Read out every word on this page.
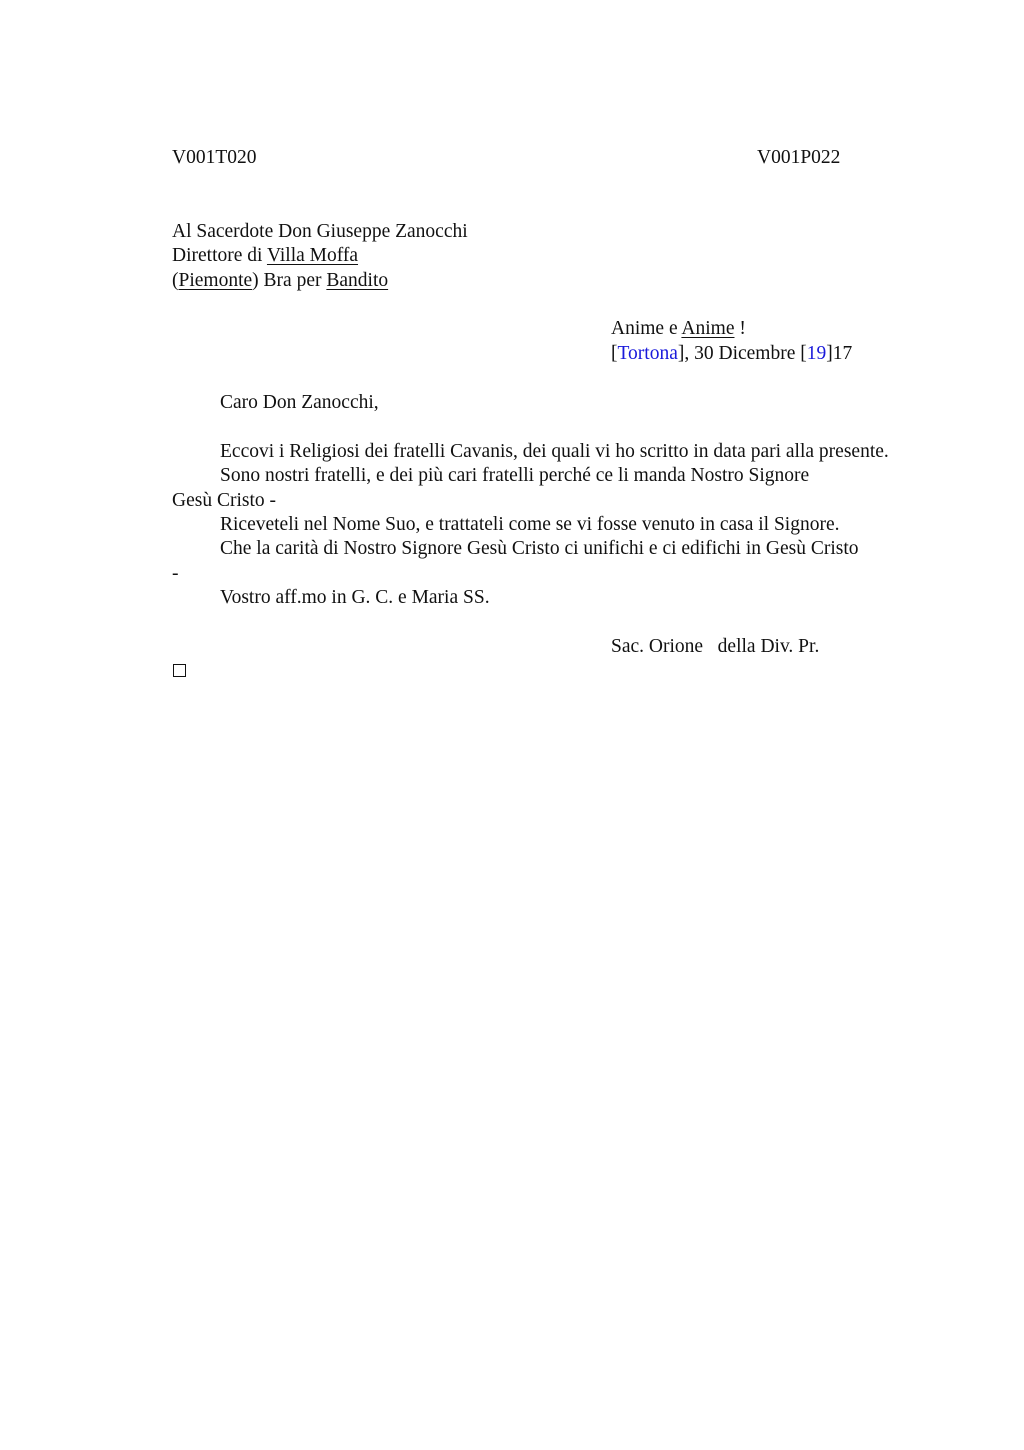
V001T020	V001P022
Al Sacerdote Don Giuseppe Zanocchi
Direttore di Villa Moffa
(Piemonte) Bra per Bandito
Anime e Anime !
[Tortona], 30 Dicembre [19]17
Caro Don Zanocchi,
Eccovi i Religiosi dei fratelli Cavanis, dei quali vi ho scritto in data pari alla presente.
Sono nostri fratelli, e dei più cari fratelli perché ce li manda Nostro Signore
Gesù Cristo -
Riceveteli nel Nome Suo, e trattateli come se vi fosse venuto in casa il Signore.
Che la carità di Nostro Signore Gesù Cristo ci unifichi e ci edifichi in Gesù Cristo
-
Vostro aff.mo in G. C. e Maria SS.
Sac. Orione   della Div. Pr.
